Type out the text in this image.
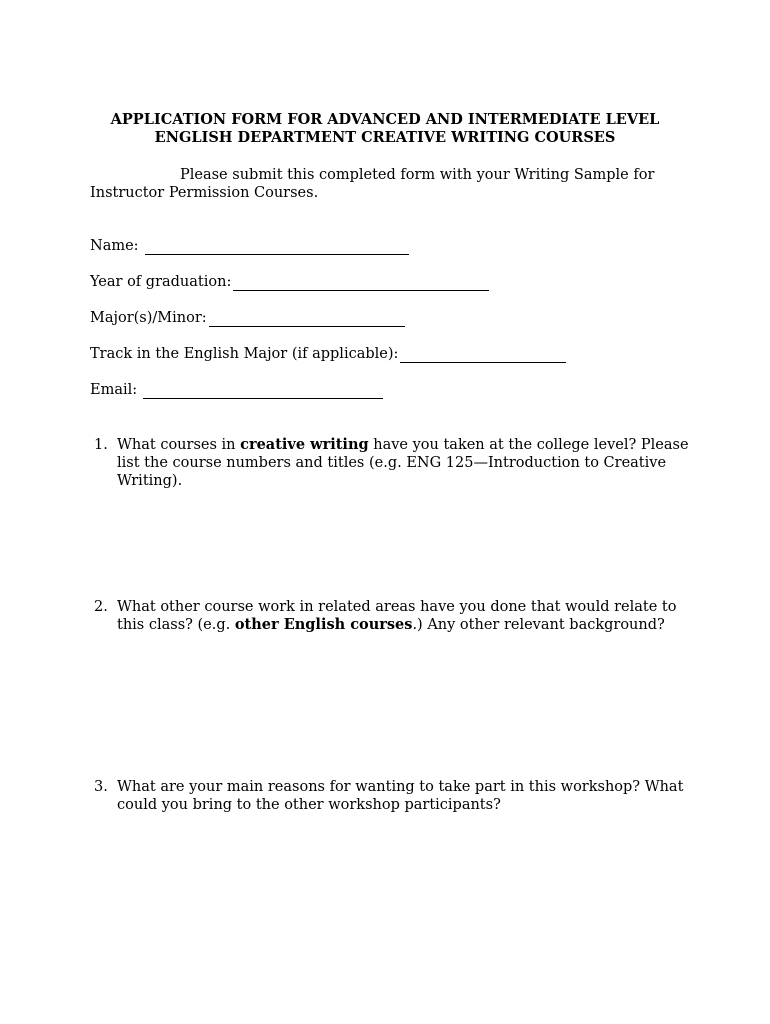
APPLICATION FORM FOR ADVANCED AND INTERMEDIATE LEVEL
ENGLISH DEPARTMENT CREATIVE WRITING COURSES
Please submit this completed form with your Writing Sample for Instructor Permission Courses.
Name:
Year of graduation:
Major(s)/Minor:
Track in the English Major (if applicable):
Email:
1. What courses in creative writing have you taken at the college level? Please list the course numbers and titles (e.g. ENG 125—Introduction to Creative Writing).
2. What other course work in related areas have you done that would relate to this class? (e.g. other English courses.) Any other relevant background?
3. What are your main reasons for wanting to take part in this workshop? What could you bring to the other workshop participants?
